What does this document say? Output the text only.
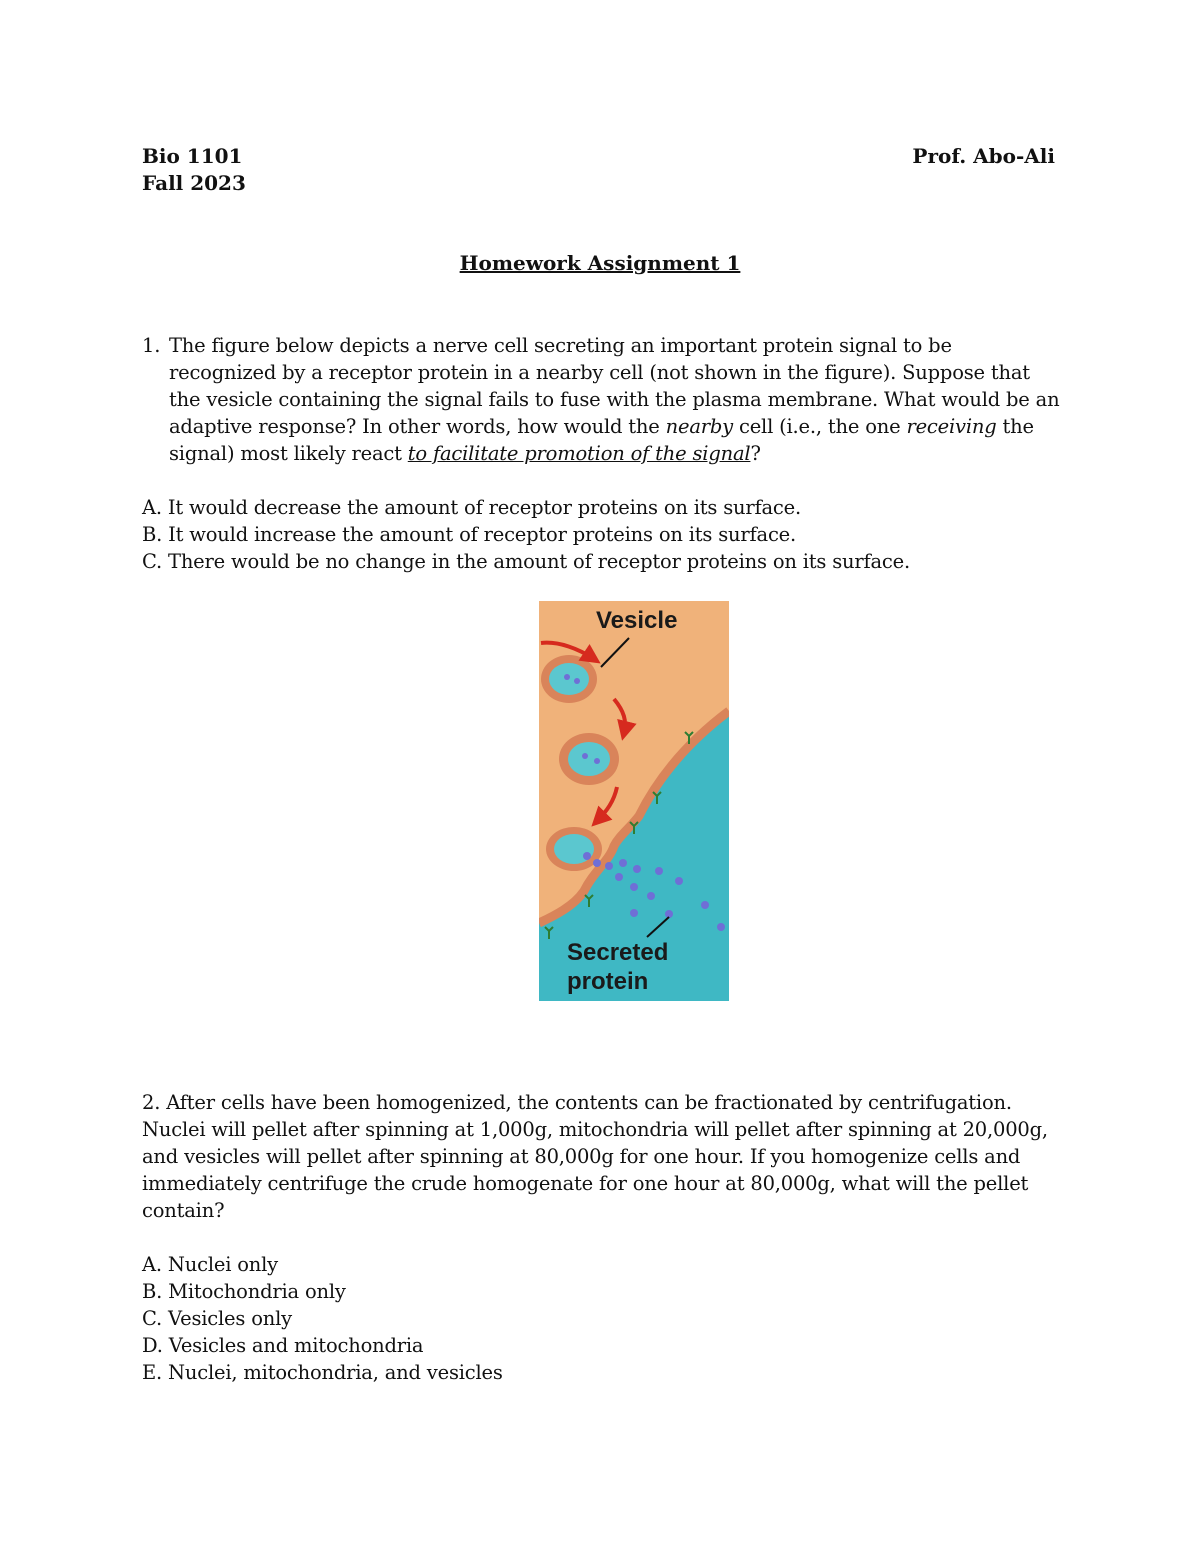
Bio 1101
Fall 2023
Prof. Abo-Ali
Homework Assignment 1
1. The figure below depicts a nerve cell secreting an important protein signal to be recognized by a receptor protein in a nearby cell (not shown in the figure). Suppose that the vesicle containing the signal fails to fuse with the plasma membrane. What would be an adaptive response? In other words, how would the nearby cell (i.e., the one receiving the signal) most likely react to facilitate promotion of the signal?
A. It would decrease the amount of receptor proteins on its surface.
B. It would increase the amount of receptor proteins on its surface.
C. There would be no change in the amount of receptor proteins on its surface.
Vesicle
Secreted
protein
2. After cells have been homogenized, the contents can be fractionated by centrifugation. Nuclei will pellet after spinning at 1,000g, mitochondria will pellet after spinning at 20,000g, and vesicles will pellet after spinning at 80,000g for one hour. If you homogenize cells and immediately centrifuge the crude homogenate for one hour at 80,000g, what will the pellet contain?
A. Nuclei only
B. Mitochondria only
C. Vesicles only
D. Vesicles and mitochondria
E. Nuclei, mitochondria, and vesicles
